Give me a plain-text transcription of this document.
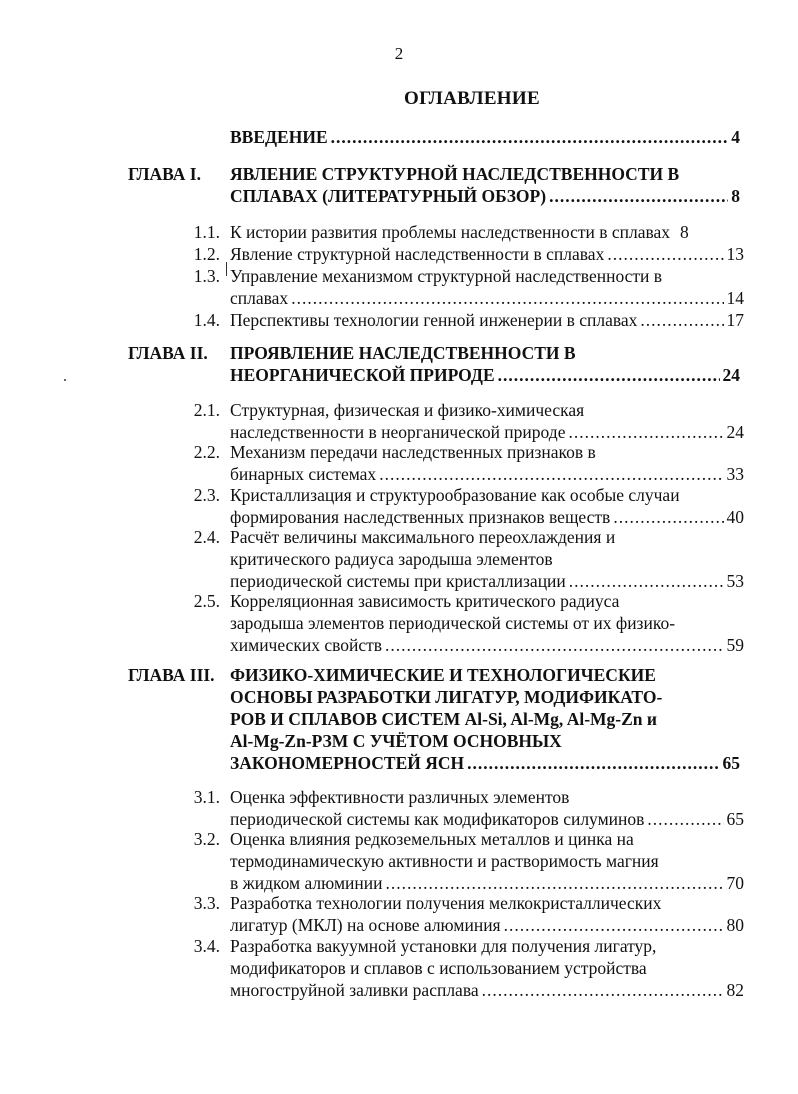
2
ОГЛАВЛЕНИЕ
ВВЕДЕНИЕ .....	4
ГЛАВА I. ЯВЛЕНИЕ СТРУКТУРНОЙ НАСЛЕДСТВЕННОСТИ В
СПЛАВАХ (ЛИТЕРАТУРНЫЙ ОБЗОР) .....	8
1.1. К истории развития проблемы наследственности в сплавах 8
1.2. Явление структурной наследственности в сплавах .....	13
1.3. Управление механизмом структурной наследственности в
сплавах .....	14
1.4. Перспективы технологии генной инженерии в сплавах .....	17
ГЛАВА II. ПРОЯВЛЕНИЕ НАСЛЕДСТВЕННОСТИ В
НЕОРГАНИЧЕСКОЙ ПРИРОДЕ .....	24
2.1. Структурная, физическая и физико-химическая
наследственности в неорганической природе .....	24
2.2. Механизм передачи наследственных признаков в
бинарных системах .....	33
2.3. Кристаллизация и структурообразование как особые случаи
формирования наследственных признаков веществ .....	40
2.4. Расчёт величины максимального переохлаждения и
критического радиуса зародыша элементов
периодической системы при кристаллизации .....	53
2.5. Корреляционная зависимость критического радиуса
зародыша элементов периодической системы от их физико-
химических свойств .....	59
ГЛАВА III. ФИЗИКО-ХИМИЧЕСКИЕ И ТЕХНОЛОГИЧЕСКИЕ
ОСНОВЫ РАЗРАБОТКИ ЛИГАТУР, МОДИФИКАТО-
РОВ И СПЛАВОВ СИСТЕМ Al-Si, Al-Mg, Al-Mg-Zn и
Al-Mg-Zn-РЗМ С УЧЁТОМ ОСНОВНЫХ
ЗАКОНОМЕРНОСТЕЙ ЯСН .....	65
3.1. Оценка эффективности различных элементов
периодической системы как модификаторов силуминов .....	65
3.2. Оценка влияния редкоземельных металлов и цинка на
термодинамическую активности и растворимость магния
в жидком алюминии .....	70
3.3. Разработка технологии получения мелкокристаллических
лигатур (МКЛ) на основе алюминия .....	80
3.4. Разработка вакуумной установки для получения лигатур,
модификаторов и сплавов с использованием устройства
многоструйной заливки расплава .....	82
